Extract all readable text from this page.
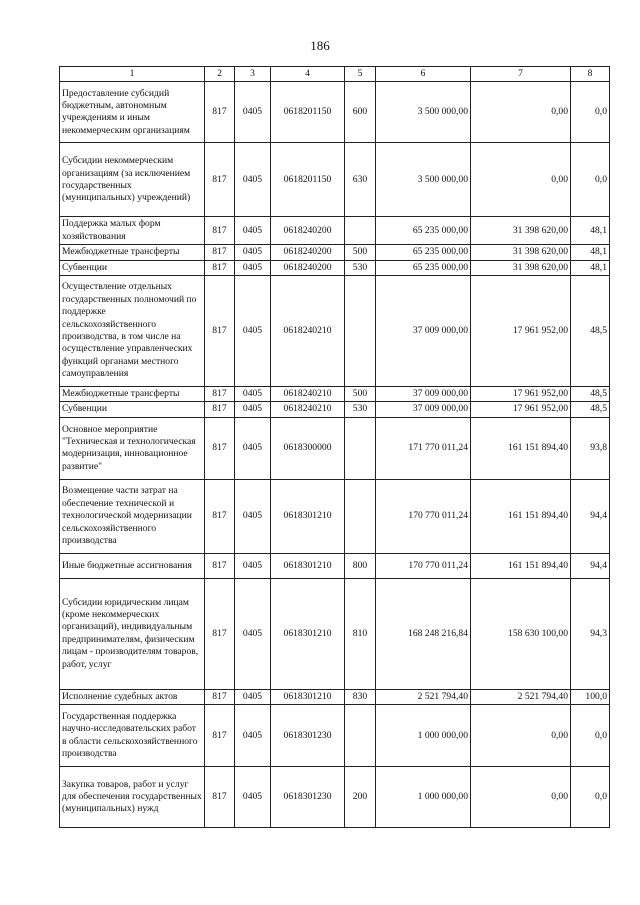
186
1	2	3	4	5	6	7	8
Предоставление субсидий бюджетным, автономным учреждениям и иным некоммерческим организациям	817	0405	0618201150	600	3 500 000,00	0,00	0,0
Субсидии некоммерческим организациям (за исключением государственных (муниципальных) учреждений)	817	0405	0618201150	630	3 500 000,00	0,00	0,0
Поддержка малых форм хозяйствования	817	0405	0618240200		65 235 000,00	31 398 620,00	48,1
Межбюджетные трансферты	817	0405	0618240200	500	65 235 000,00	31 398 620,00	48,1
Субвенции	817	0405	0618240200	530	65 235 000,00	31 398 620,00	48,1
Осуществление отдельных государственных полномочий по поддержке сельскохозяйственного производства, в том числе на осуществление управленческих функций органами местного самоуправления	817	0405	0618240210		37 009 000,00	17 961 952,00	48,5
Межбюджетные трансферты	817	0405	0618240210	500	37 009 000,00	17 961 952,00	48,5
Субвенции	817	0405	0618240210	530	37 009 000,00	17 961 952,00	48,5
Основное мероприятие "Техническая и технологическая модернизация, инновационное развитие"	817	0405	0618300000		171 770 011,24	161 151 894,40	93,8
Возмещение части затрат на обеспечение технической и технологической модернизации сельскохозяйственного производства	817	0405	0618301210		170 770 011,24	161 151 894,40	94,4
Иные бюджетные ассигнования	817	0405	0618301210	800	170 770 011,24	161 151 894,40	94,4
Субсидии юридическим лицам (кроме некоммерческих организаций), индивидуальным предпринимателям, физическим лицам - производителям товаров, работ, услуг	817	0405	0618301210	810	168 248 216,84	158 630 100,00	94,3
Исполнение судебных актов	817	0405	0618301210	830	2 521 794,40	2 521 794,40	100,0
Государственная поддержка научно-исследовательских работ в области сельскохозяйственного производства	817	0405	0618301230		1 000 000,00	0,00	0,0
Закупка товаров, работ и услуг для обеспечения государственных (муниципальных) нужд	817	0405	0618301230	200	1 000 000,00	0,00	0,0
